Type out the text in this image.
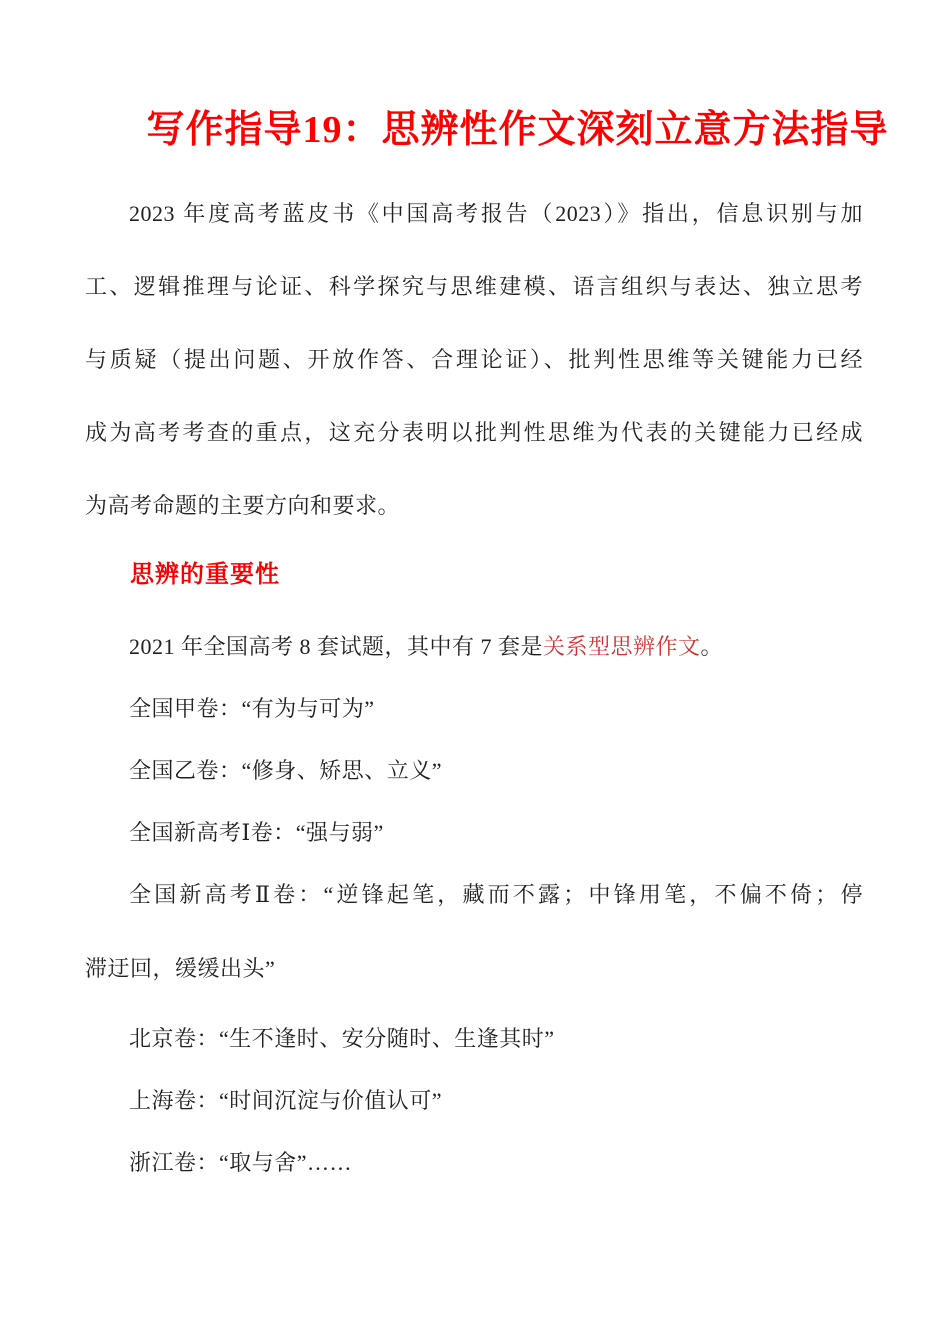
写作指导19：思辨性作文深刻立意方法指导
2023 年度高考蓝皮书《中国高考报告（2023）》指出，信息识别与加
工、逻辑推理与论证、科学探究与思维建模、语言组织与表达、独立思考
与质疑（提出问题、开放作答、合理论证）、批判性思维等关键能力已经
成为高考考查的重点，这充分表明以批判性思维为代表的关键能力已经成
为高考命题的主要方向和要求。
思辨的重要性
2021 年全国高考 8 套试题，其中有 7 套是关系型思辨作文。
全国甲卷：“有为与可为”
全国乙卷：“修身、矫思、立义”
全国新高考Ⅰ卷：“强与弱”
全国新高考Ⅱ卷：“逆锋起笔，藏而不露；中锋用笔，不偏不倚；停
滞迂回，缓缓出头”
北京卷：“生不逢时、安分随时、生逢其时”
上海卷：“时间沉淀与价值认可”
浙江卷：“取与舍”……
